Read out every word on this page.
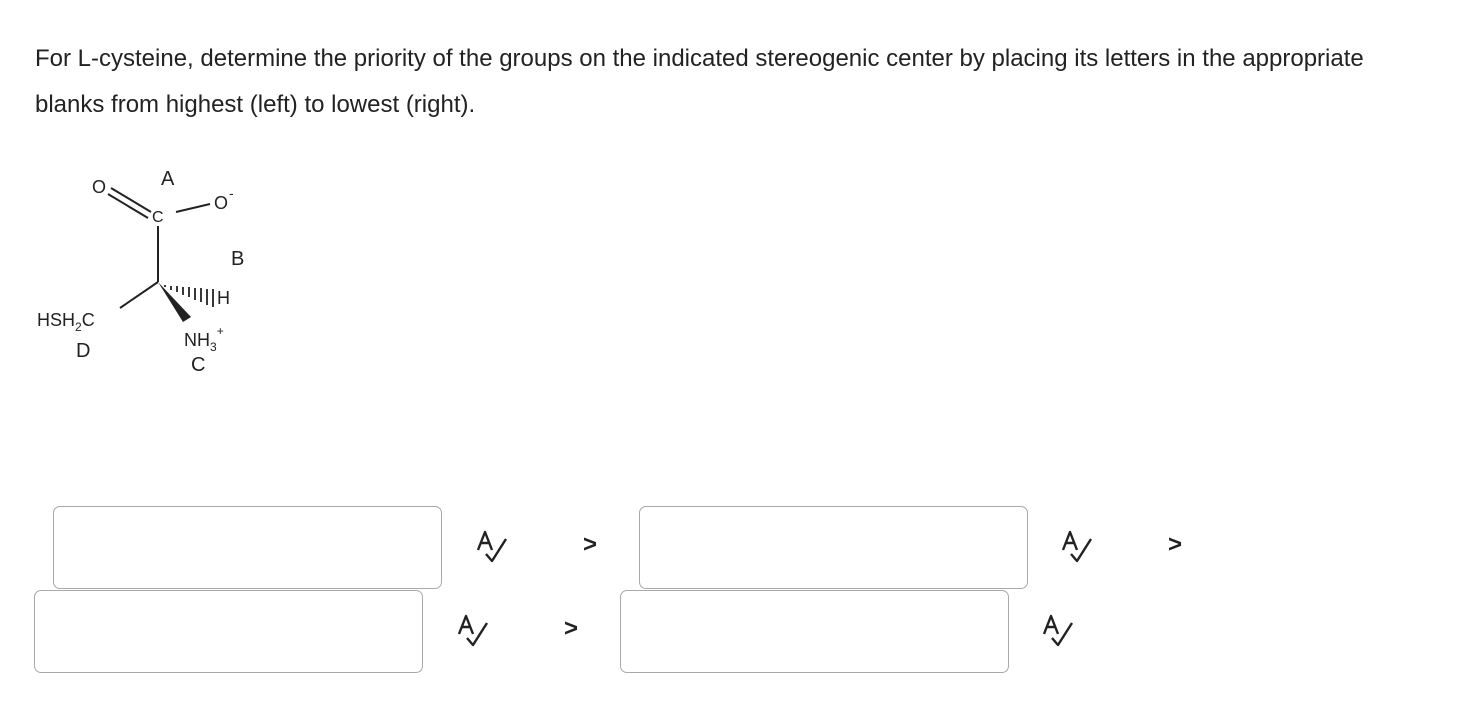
For L-cysteine, determine the priority of the groups on the indicated stereogenic center by placing its letters in the appropriate blanks from highest (left) to lowest (right).

O	A
C
O -
B
H
$HSH_2C$
D	$NH_3^+$
C
>	>
>
